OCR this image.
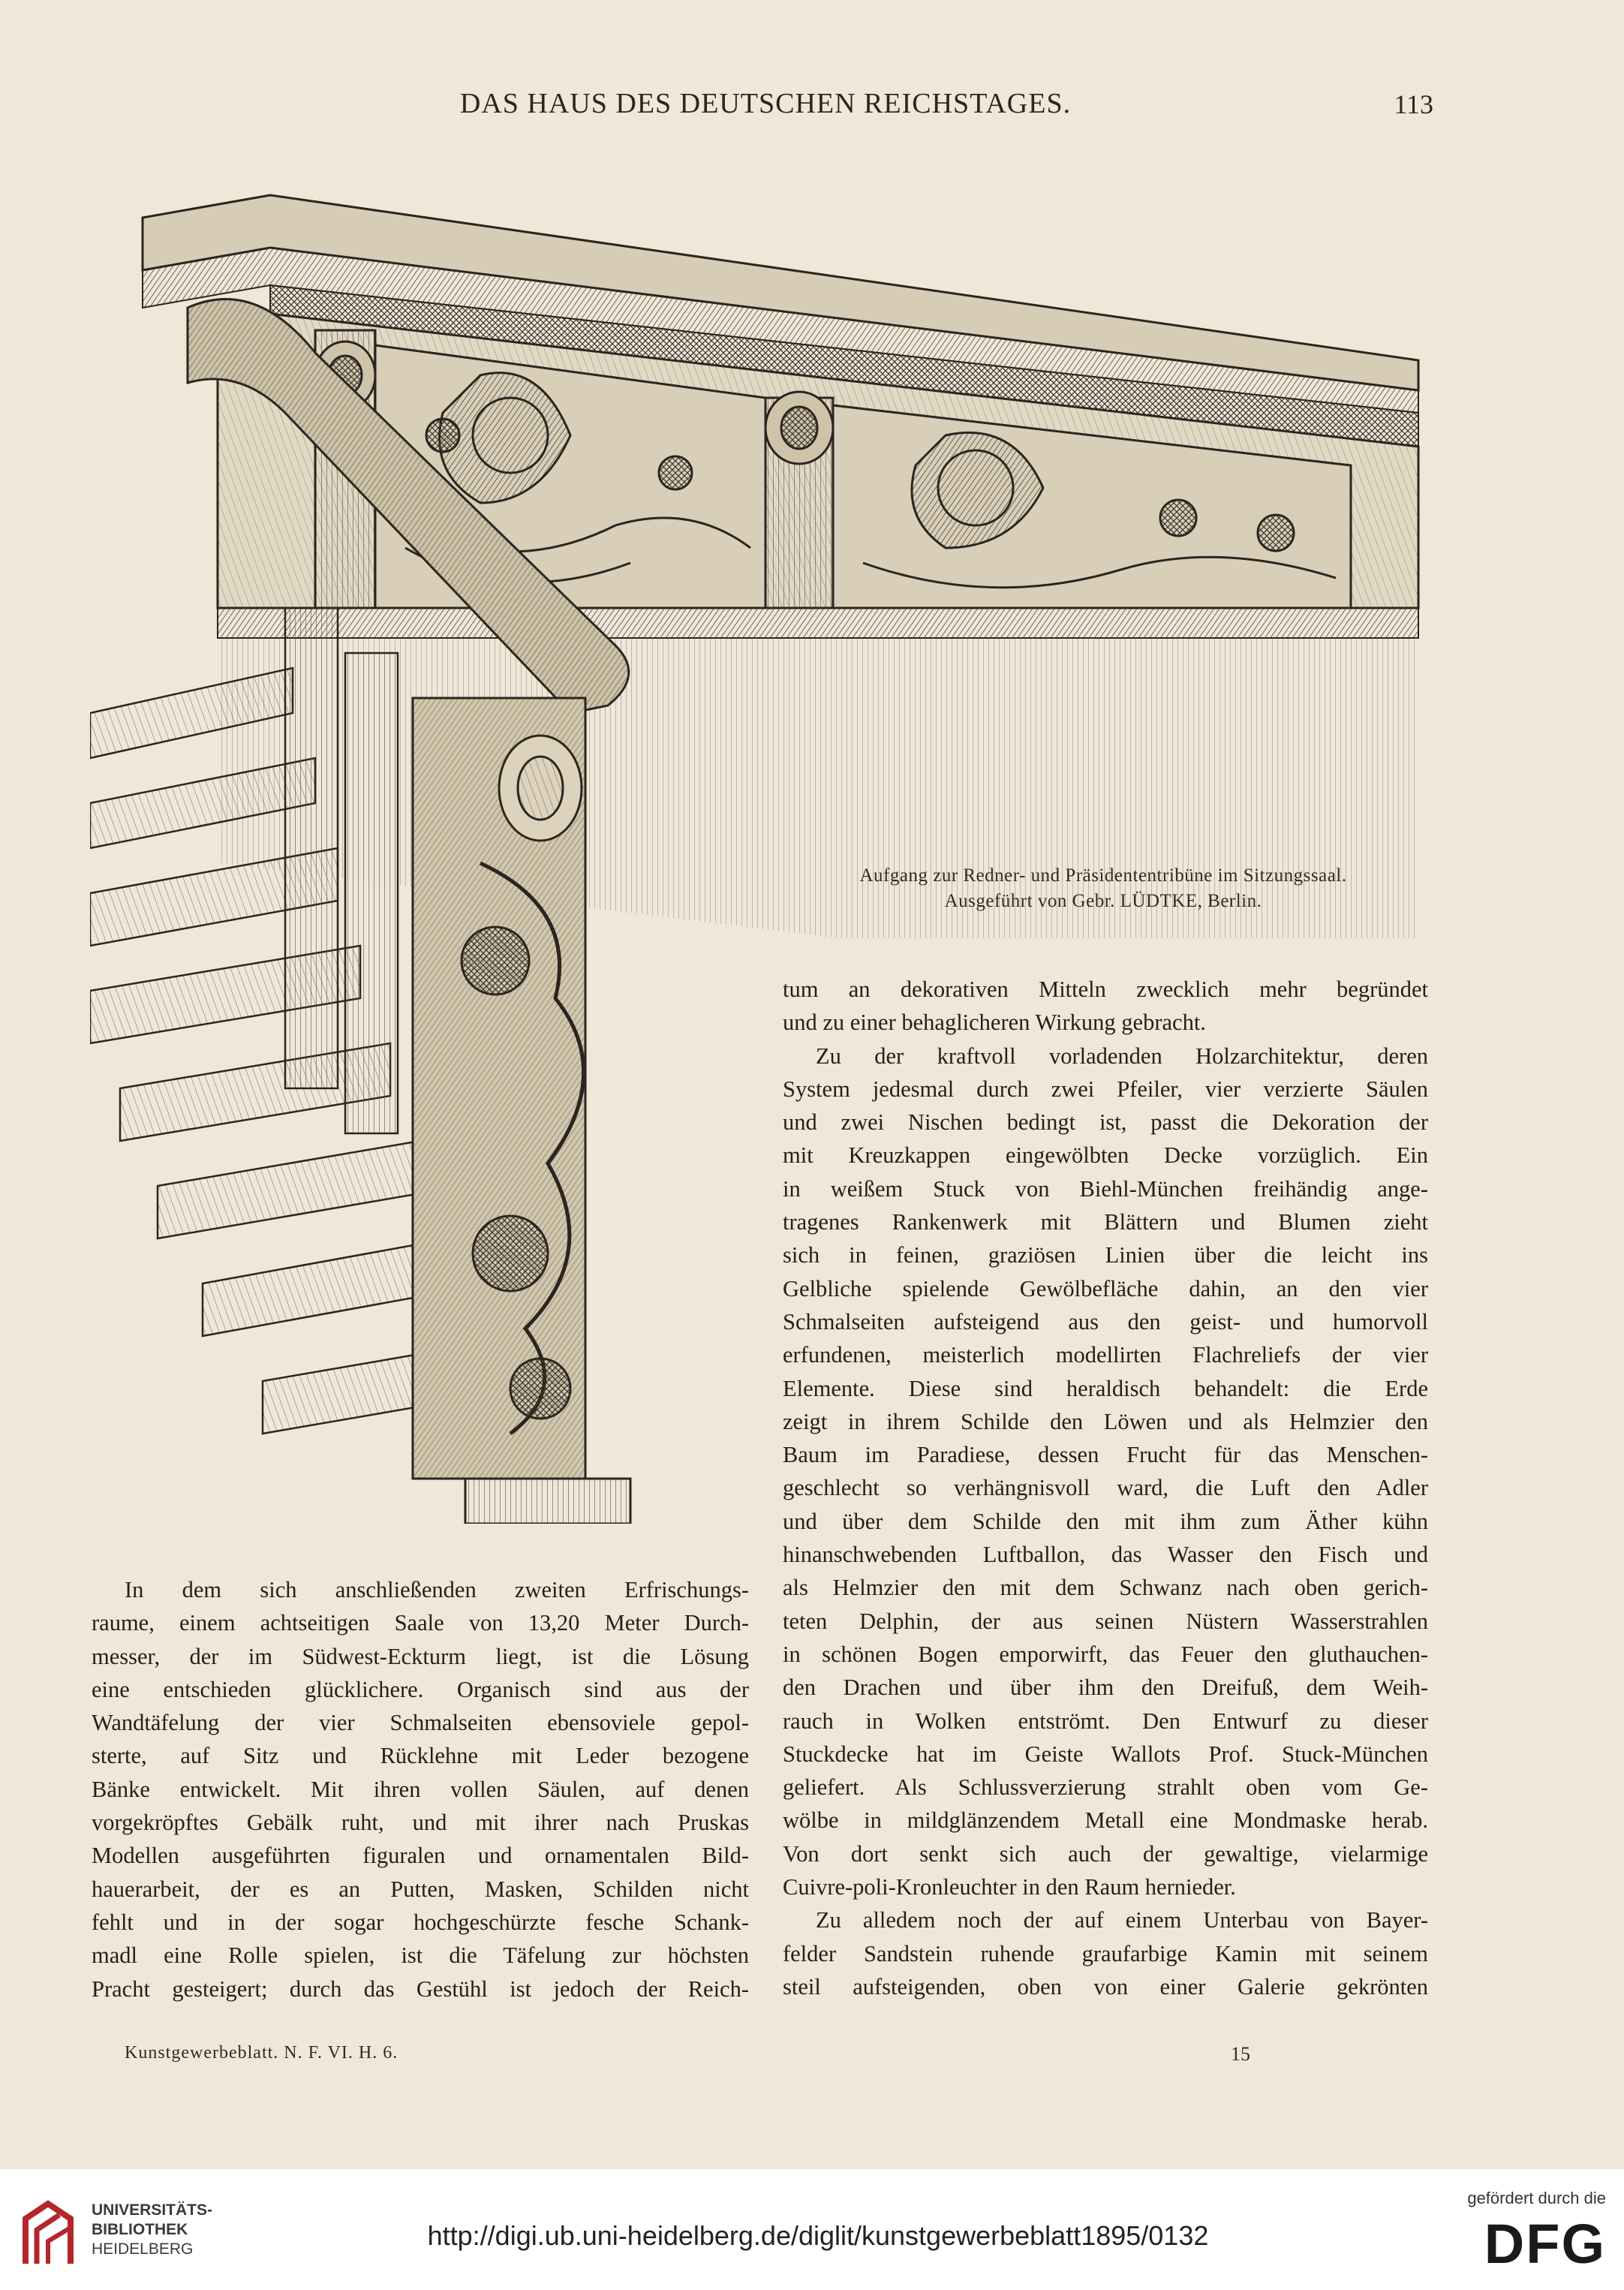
DAS HAUS DES DEUTSCHEN REICHSTAGES.	113
Aufgang zur Redner- und Präsidententribüne im Sitzungssaal.
Ausgeführt von Gebr. LÜDTKE, Berlin.
tum an dekorativen Mitteln zwecklich mehr begründet
und zu einer behaglicheren Wirkung gebracht.
Zu der kraftvoll vorladenden Holzarchitektur, deren
System jedesmal durch zwei Pfeiler, vier verzierte Säulen
und zwei Nischen bedingt ist, passt die Dekoration der
mit Kreuzkappen eingewölbten Decke vorzüglich. Ein
in weißem Stuck von Biehl-München freihändig ange-
tragenes Rankenwerk mit Blättern und Blumen zieht
sich in feinen, graziösen Linien über die leicht ins
Gelbliche spielende Gewölbefläche dahin, an den vier
Schmalseiten aufsteigend aus den geist- und humorvoll
erfundenen, meisterlich modellirten Flachreliefs der vier
Elemente. Diese sind heraldisch behandelt: die Erde
zeigt in ihrem Schilde den Löwen und als Helmzier den
Baum im Paradiese, dessen Frucht für das Menschen-
geschlecht so verhängnisvoll ward, die Luft den Adler
und über dem Schilde den mit ihm zum Äther kühn
hinanschwebenden Luftballon, das Wasser den Fisch und
als Helmzier den mit dem Schwanz nach oben gerich-
teten Delphin, der aus seinen Nüstern Wasserstrahlen
in schönen Bogen emporwirft, das Feuer den gluthauchen-
den Drachen und über ihm den Dreifuß, dem Weih-
rauch in Wolken entströmt. Den Entwurf zu dieser
Stuckdecke hat im Geiste Wallots Prof. Stuck-München
geliefert. Als Schlussverzierung strahlt oben vom Ge-
wölbe in mildglänzendem Metall eine Mondmaske herab.
Von dort senkt sich auch der gewaltige, vielarmige
Cuivre-poli-Kronleuchter in den Raum hernieder.
Zu alledem noch der auf einem Unterbau von Bayer-
felder Sandstein ruhende graufarbige Kamin mit seinem
steil aufsteigenden, oben von einer Galerie gekrönten
In dem sich anschließenden zweiten Erfrischungs-
raume, einem achtseitigen Saale von 13,20 Meter Durch-
messer, der im Südwest-Eckturm liegt, ist die Lösung
eine entschieden glücklichere. Organisch sind aus der
Wandtäfelung der vier Schmalseiten ebensoviele gepol-
sterte, auf Sitz und Rücklehne mit Leder bezogene
Bänke entwickelt. Mit ihren vollen Säulen, auf denen
vorgekröpftes Gebälk ruht, und mit ihrer nach Pruskas
Modellen ausgeführten figuralen und ornamentalen Bild-
hauerarbeit, der es an Putten, Masken, Schilden nicht
fehlt und in der sogar hochgeschürzte fesche Schank-
madl eine Rolle spielen, ist die Täfelung zur höchsten
Pracht gesteigert; durch das Gestühl ist jedoch der Reich-
Kunstgewerbeblatt. N. F. VI. H. 6.	15
UNIVERSITÄTS-
BIBLIOTHEK
HEIDELBERG	http://digi.ub.uni-heidelberg.de/diglit/kunstgewerbeblatt1895/0132
gefördert durch die
DFG
